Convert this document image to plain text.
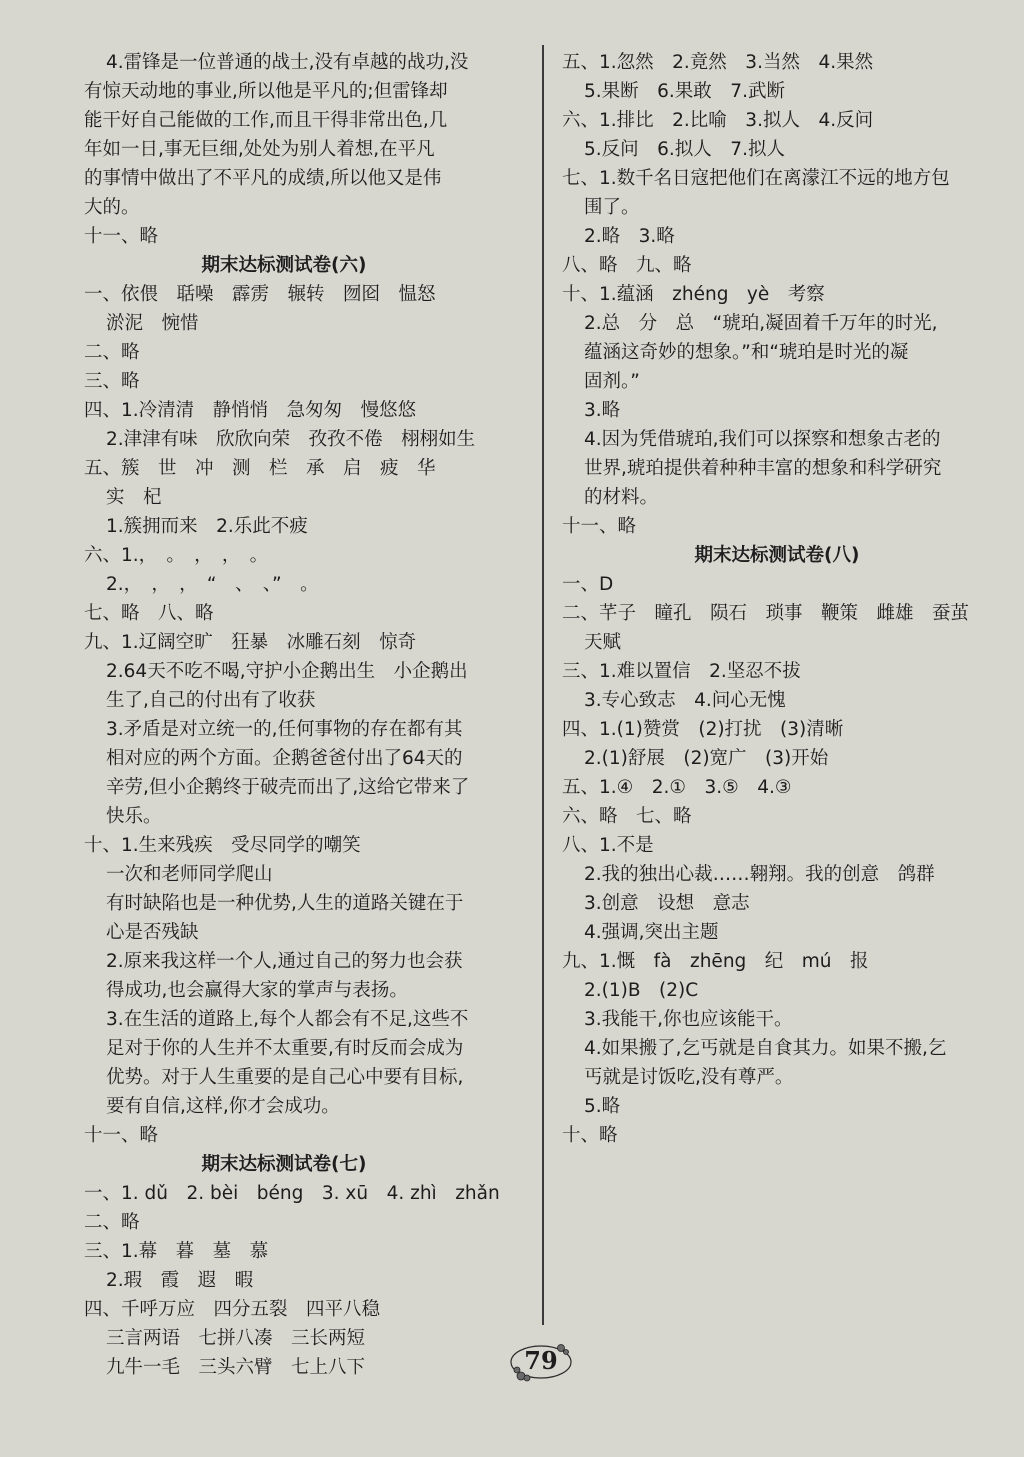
4.雷锋是一位普通的战士,没有卓越的战功,没
有惊天动地的事业,所以他是平凡的;但雷锋却
能干好自己能做的工作,而且干得非常出色,几
年如一日,事无巨细,处处为别人着想,在平凡
的事情中做出了不平凡的成绩,所以他又是伟
大的。
十一、略
期末达标测试卷(六)
一、依偎　聒噪　霹雳　辗转　囫囵　愠怒
淤泥　惋惜
二、略
三、略
四、1.冷清清　静悄悄　急匆匆　慢悠悠
2.津津有味　欣欣向荣　孜孜不倦　栩栩如生
五、簇　世　冲　测　栏　承　启　疲　华
实　杞
1.簇拥而来　2.乐此不疲
六、1.，　。　，　，　。
2.，　，　，　“　、　、”　。
七、略　八、略
九、1.辽阔空旷　狂暴　冰雕石刻　惊奇
2.64天不吃不喝,守护小企鹅出生　小企鹅出
生了,自己的付出有了收获
3.矛盾是对立统一的,任何事物的存在都有其
相对应的两个方面。企鹅爸爸付出了64天的
辛劳,但小企鹅终于破壳而出了,这给它带来了
快乐。
十、1.生来残疾　受尽同学的嘲笑
一次和老师同学爬山
有时缺陷也是一种优势,人生的道路关键在于
心是否残缺
2.原来我这样一个人,通过自己的努力也会获
得成功,也会赢得大家的掌声与表扬。
3.在生活的道路上,每个人都会有不足,这些不
足对于你的人生并不太重要,有时反而会成为
优势。对于人生重要的是自己心中要有目标,
要有自信,这样,你才会成功。
十一、略
期末达标测试卷(七)
一、1. dǔ　2. bèi　béng　3. xū　4. zhì　zhǎn
二、略
三、1.幕　暮　墓　慕
2.瑕　霞　遐　暇
四、千呼万应　四分五裂　四平八稳
三言两语　七拼八凑　三长两短
九牛一毛　三头六臂　七上八下
五、1.忽然　2.竟然　3.当然　4.果然
5.果断　6.果敢　7.武断
六、1.排比　2.比喻　3.拟人　4.反问
5.反问　6.拟人　7.拟人
七、1.数千名日寇把他们在离濛江不远的地方包
围了。
2.略　3.略
八、略　九、略
十、1.蕴涵　zhéng　yè　考察
2.总　分　总　“琥珀,凝固着千万年的时光,
蕴涵这奇妙的想象。”和“琥珀是时光的凝
固剂。”
3.略
4.因为凭借琥珀,我们可以探察和想象古老的
世界,琥珀提供着种种丰富的想象和科学研究
的材料。
十一、略
期末达标测试卷(八)
一、D
二、芊子　瞳孔　陨石　琐事　鞭策　雌雄　蚕茧
天赋
三、1.难以置信　2.坚忍不拔
3.专心致志　4.问心无愧
四、1.(1)赞赏　(2)打扰　(3)清晰
2.(1)舒展　(2)宽广　(3)开始
五、1.④　2.①　3.⑤　4.③
六、略　七、略
八、1.不是
2.我的独出心裁……翱翔。我的创意　鸽群
3.创意　设想　意志
4.强调,突出主题
九、1.慨　fà　zhēng　纪　mú　报
2.(1)B　(2)C
3.我能干,你也应该能干。
4.如果搬了,乞丐就是自食其力。如果不搬,乞
丐就是讨饭吃,没有尊严。
5.略
十、略
79
